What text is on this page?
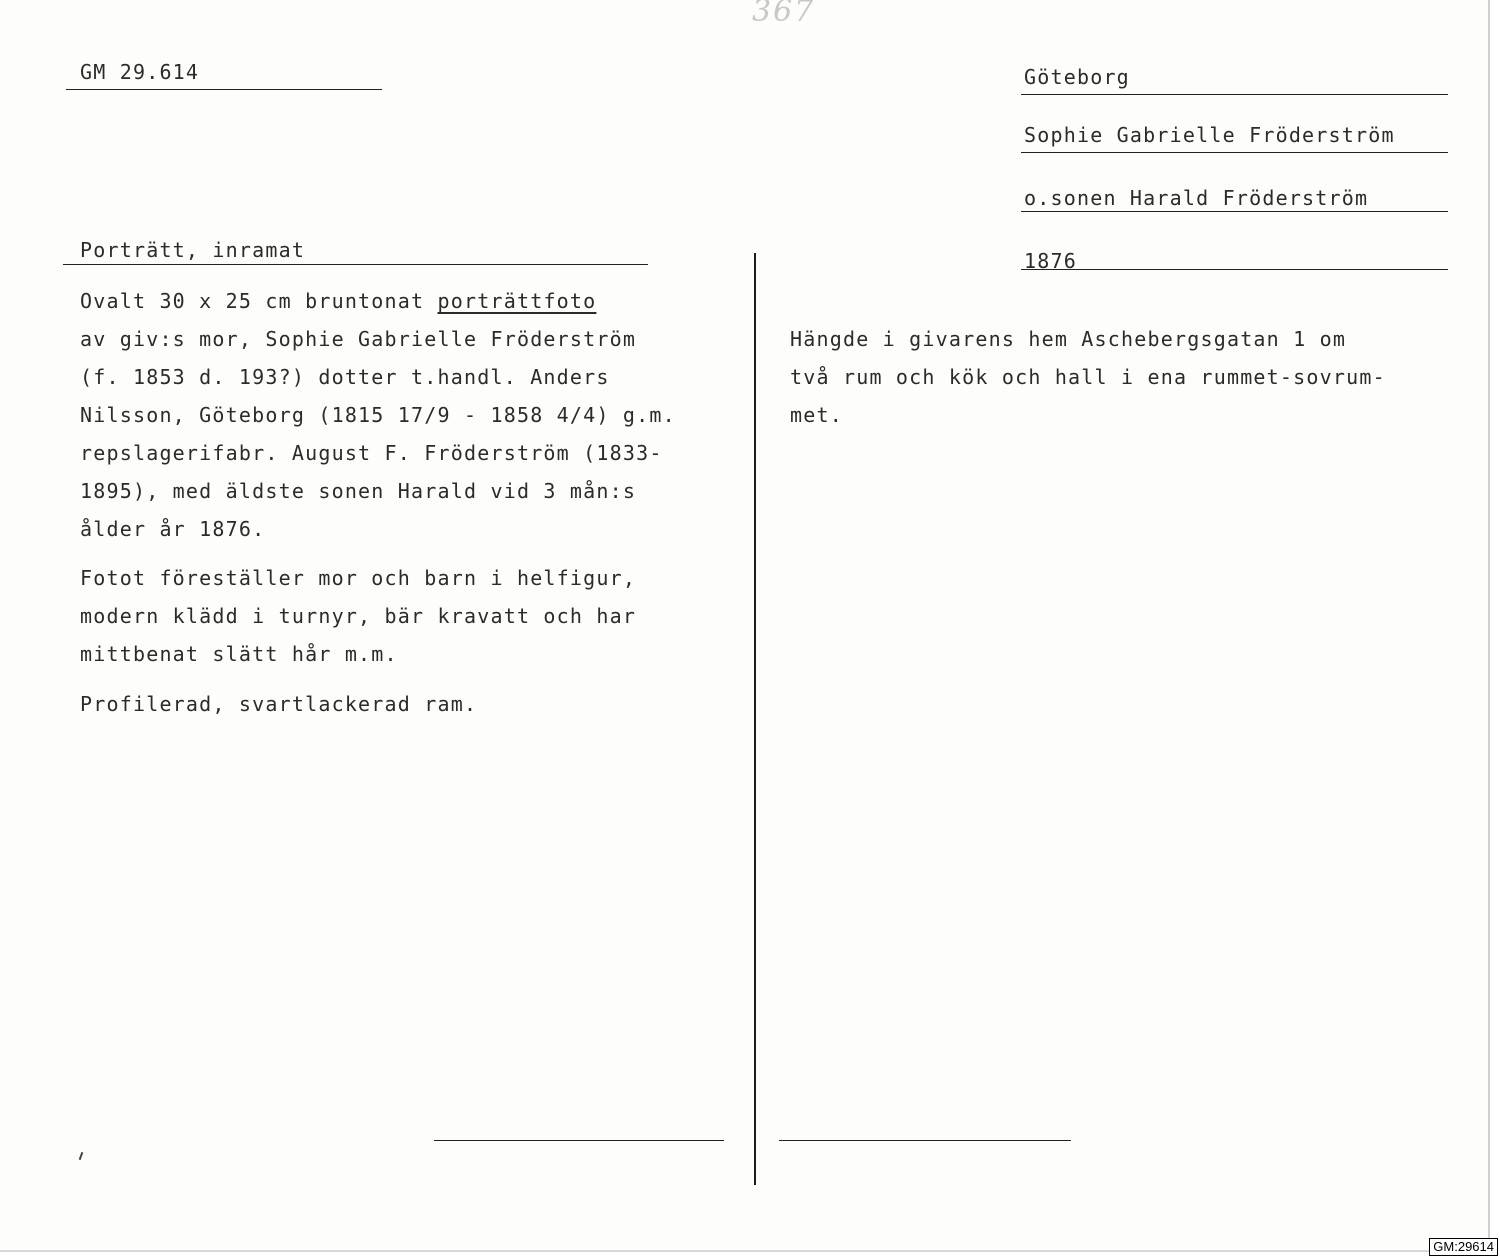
367
GM 29.614	Göteborg
Sophie Gabrielle Fröderström
o.sonen Harald Fröderström
1876
Porträtt, inramat
Ovalt 30 x 25 cm bruntonat porträttfoto
av giv:s mor, Sophie Gabrielle Fröderström
(f. 1853 d. 193?) dotter t.handl. Anders
Nilsson, Göteborg (1815 17/9 - 1858 4/4) g.m.
repslagerifabr. August F. Fröderström (1833-
1895), med äldste sonen Harald vid 3 mån:s
ålder år 1876.
Fotot föreställer mor och barn i helfigur,
modern klädd i turnyr, bär kravatt och har
mittbenat slätt hår m.m.
Profilerad, svartlackerad ram.
Hängde i givarens hem Aschebergsgatan 1 om
två rum och kök och hall i ena rummet-sovrum-
met.
GM:29614
